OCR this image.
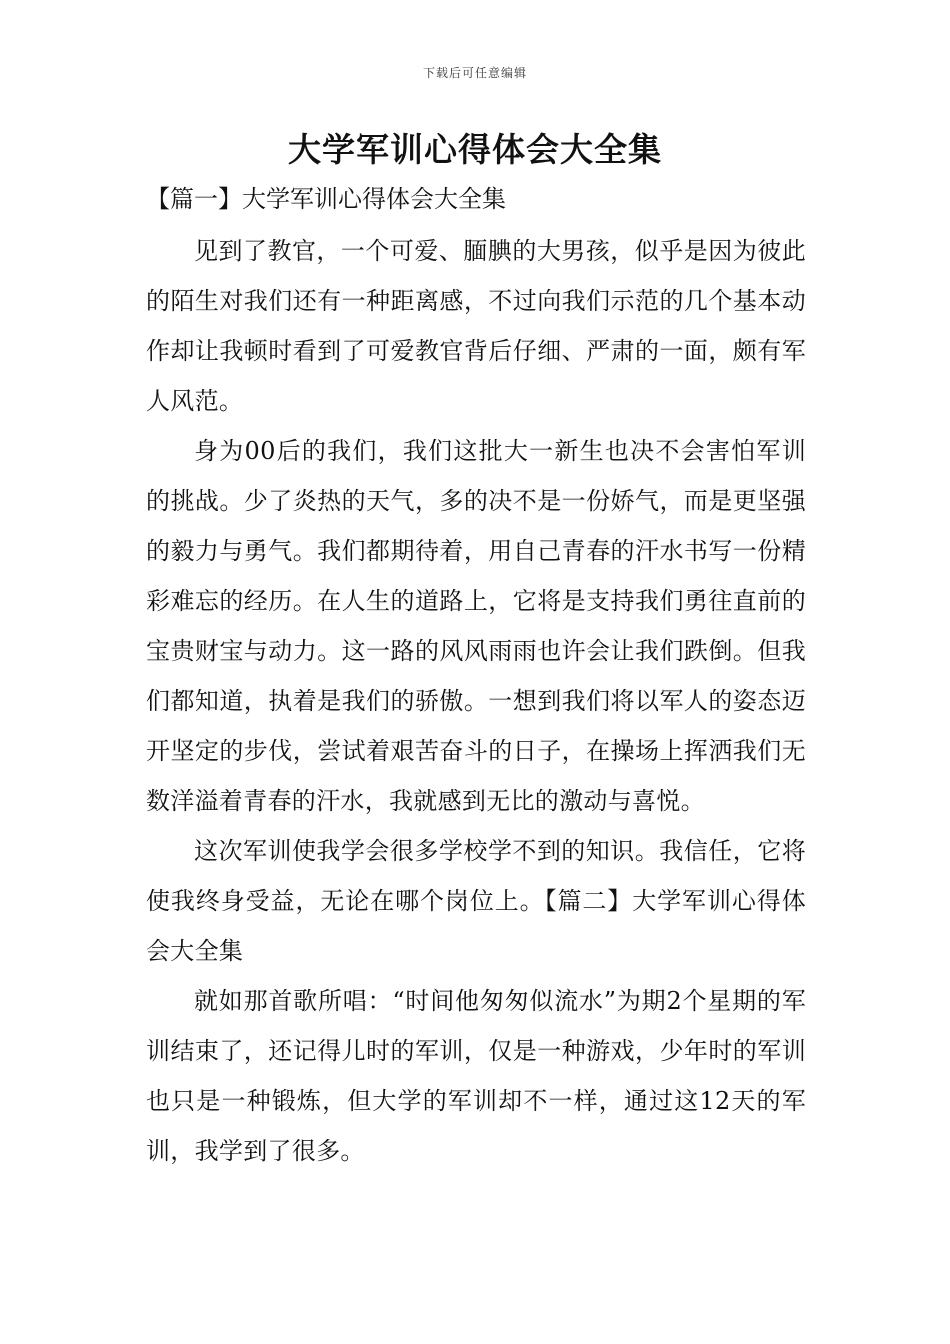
下载后可任意编辑
大学军训心得体会大全集

【篇一】大学军训心得体会大全集

见到了教官，一个可爱、腼腆的大男孩，似乎是因为彼此的陌生对我们还有一种距离感，不过向我们示范的几个基本动作却让我顿时看到了可爱教官背后仔细、严肃的一面，颇有军人风范。

身为00后的我们，我们这批大一新生也决不会害怕军训的挑战。少了炎热的天气，多的决不是一份娇气，而是更坚强的毅力与勇气。我们都期待着，用自己青春的汗水书写一份精彩难忘的经历。在人生的道路上，它将是支持我们勇往直前的宝贵财宝与动力。这一路的风风雨雨也许会让我们跌倒。但我们都知道，执着是我们的骄傲。一想到我们将以军人的姿态迈开坚定的步伐，尝试着艰苦奋斗的日子，在操场上挥洒我们无数洋溢着青春的汗水，我就感到无比的激动与喜悦。

这次军训使我学会很多学校学不到的知识。我信任，它将使我终身受益，无论在哪个岗位上。【篇二】大学军训心得体会大全集

就如那首歌所唱：“时间他匆匆似流水”为期2个星期的军训结束了，还记得儿时的军训，仅是一种游戏，少年时的军训也只是一种锻炼，但大学的军训却不一样，通过这12天的军训，我学到了很多。
